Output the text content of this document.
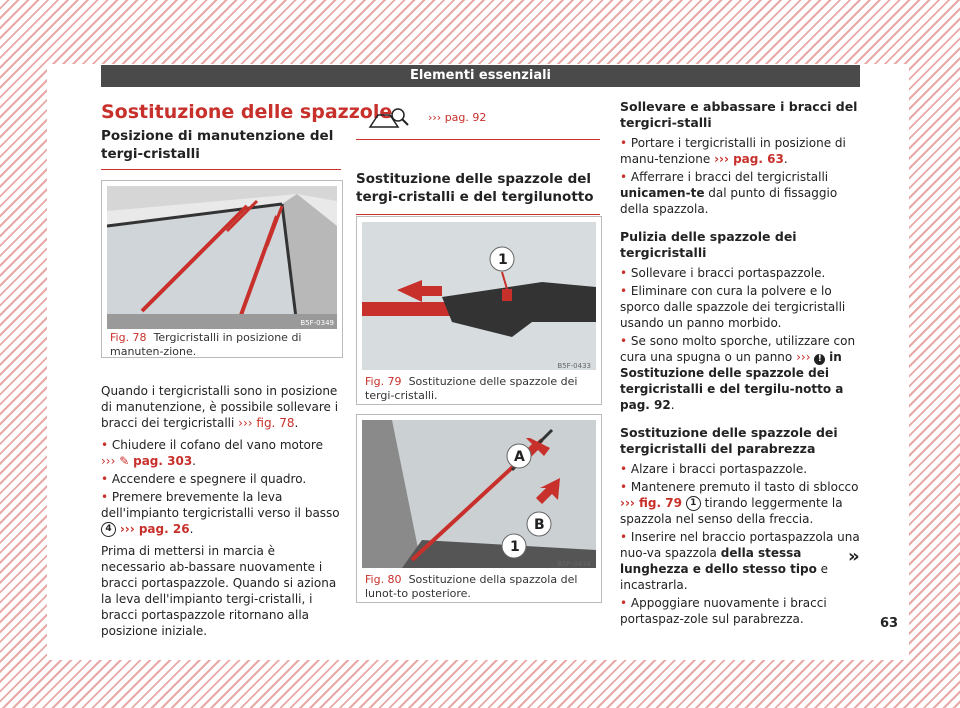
Elementi essenziali
Sostituzione delle spazzole
Posizione di manutenzione del tergi-cristalli
B5F-0349
Fig. 78 Tergicristalli in posizione di manuten-zione.

Quando i tergicristalli sono in posizione di manutenzione, è possibile sollevare i bracci dei tergicristalli ››› fig. 78.

• Chiudere il cofano del vano motore
››› ✎ pag. 303.

• Accendere e spegnere il quadro.

• Premere brevemente la leva dell'impianto tergicristalli verso il basso 4 ››› pag. 26.

Prima di mettersi in marcia è necessario ab-bassare nuovamente i bracci portaspazzole. Quando si aziona la leva dell'impianto tergi-cristalli, i bracci portaspazzole ritornano alla posizione iniziale.

››› pag. 92
Sostituzione delle spazzole del tergi-cristalli e del tergilunotto
1
B5F-0433
Fig. 79 Sostituzione delle spazzole dei tergi-cristalli.
A
B
1
B5F-0434
Fig. 80 Sostituzione della spazzola del lunot-to posteriore.
Sollevare e abbassare i bracci del tergicri-stalli

• Portare i tergicristalli in posizione di manu-tenzione ››› pag. 63.

• Afferrare i bracci del tergicristalli unicamen-te dal punto di fissaggio della spazzola.

Pulizia delle spazzole dei tergicristalli

• Sollevare i bracci portaspazzole.

• Eliminare con cura la polvere e lo sporco dalle spazzole dei tergicristalli usando un panno morbido.

• Se sono molto sporche, utilizzare con cura una spugna o un panno ››› ! in Sostituzione delle spazzole dei tergicristalli e del tergilu-notto a pag. 92.

Sostituzione delle spazzole dei tergicristalli del parabrezza

• Alzare i bracci portaspazzole.

• Mantenere premuto il tasto di sblocco
››› fig. 79 1 tirando leggermente la spazzola nel senso della freccia.

• Inserire nel braccio portaspazzola una nuo-va spazzola della stessa lunghezza e dello stesso tipo e incastrarla.

• Appoggiare nuovamente i bracci portaspaz-zole sul parabrezza.

»
63
